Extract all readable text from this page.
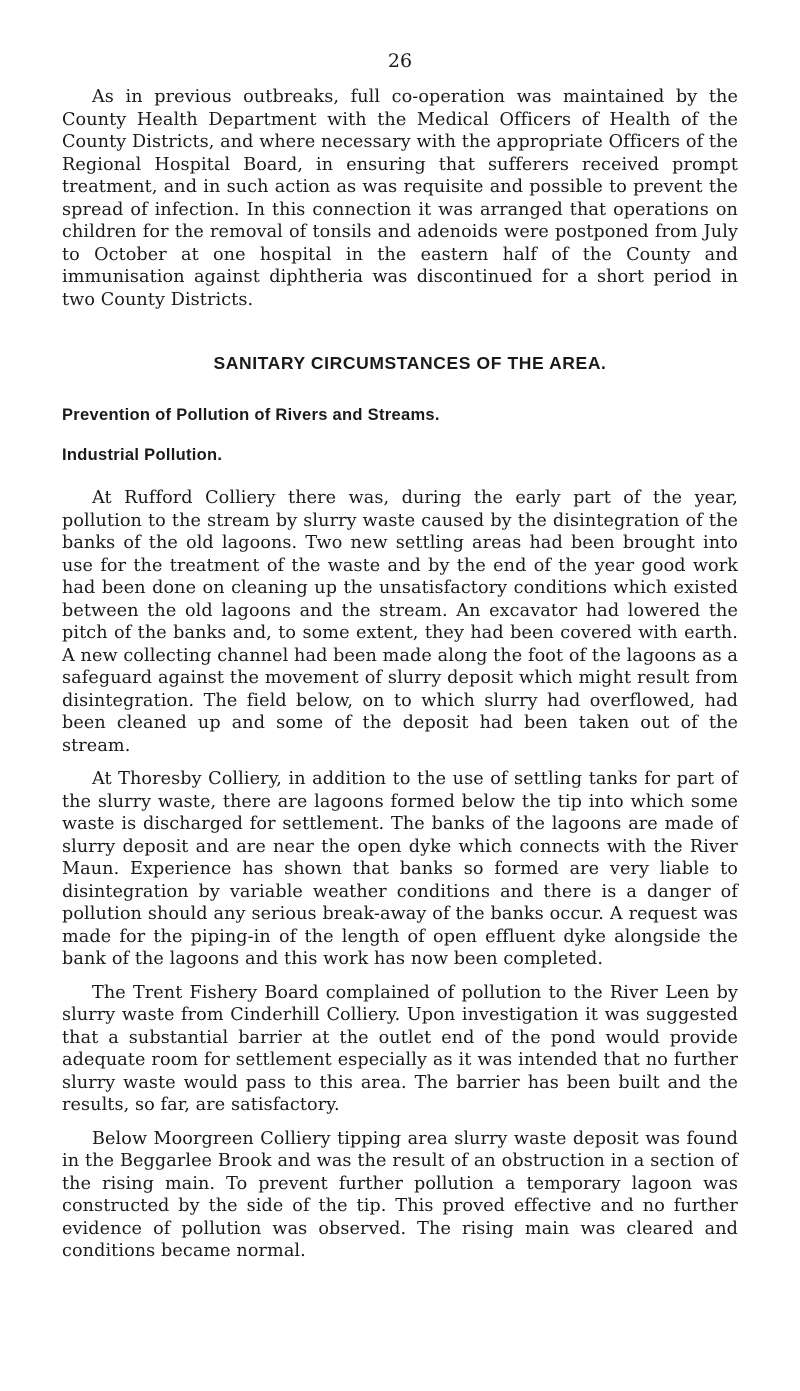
26

As in previous outbreaks, full co-operation was maintained by the County Health Department with the Medical Officers of Health of the County Districts, and where necessary with the appropriate Officers of the Regional Hospital Board, in ensuring that sufferers received prompt treatment, and in such action as was requisite and possible to prevent the spread of infection. In this connection it was arranged that operations on children for the removal of tonsils and adenoids were postponed from July to October at one hospital in the eastern half of the County and immunisation against diphtheria was discontinued for a short period in two County Districts.

SANITARY CIRCUMSTANCES OF THE AREA.
Prevention of Pollution of Rivers and Streams.
Industrial Pollution.

At Rufford Colliery there was, during the early part of the year, pollution to the stream by slurry waste caused by the disintegration of the banks of the old lagoons. Two new settling areas had been brought into use for the treatment of the waste and by the end of the year good work had been done on cleaning up the unsatisfactory conditions which existed between the old lagoons and the stream. An excavator had lowered the pitch of the banks and, to some extent, they had been covered with earth. A new collecting channel had been made along the foot of the lagoons as a safeguard against the movement of slurry deposit which might result from disintegration. The field below, on to which slurry had overflowed, had been cleaned up and some of the deposit had been taken out of the stream.

At Thoresby Colliery, in addition to the use of settling tanks for part of the slurry waste, there are lagoons formed below the tip into which some waste is discharged for settlement. The banks of the lagoons are made of slurry deposit and are near the open dyke which connects with the River Maun. Experience has shown that banks so formed are very liable to disintegration by variable weather conditions and there is a danger of pollution should any serious break-away of the banks occur. A request was made for the piping-in of the length of open effluent dyke alongside the bank of the lagoons and this work has now been completed.

The Trent Fishery Board complained of pollution to the River Leen by slurry waste from Cinderhill Colliery. Upon investigation it was suggested that a substantial barrier at the outlet end of the pond would provide adequate room for settlement especially as it was intended that no further slurry waste would pass to this area. The barrier has been built and the results, so far, are satisfactory.

Below Moorgreen Colliery tipping area slurry waste deposit was found in the Beggarlee Brook and was the result of an obstruction in a section of the rising main. To prevent further pollution a temporary lagoon was constructed by the side of the tip. This proved effective and no further evidence of pollution was observed. The rising main was cleared and conditions became normal.
